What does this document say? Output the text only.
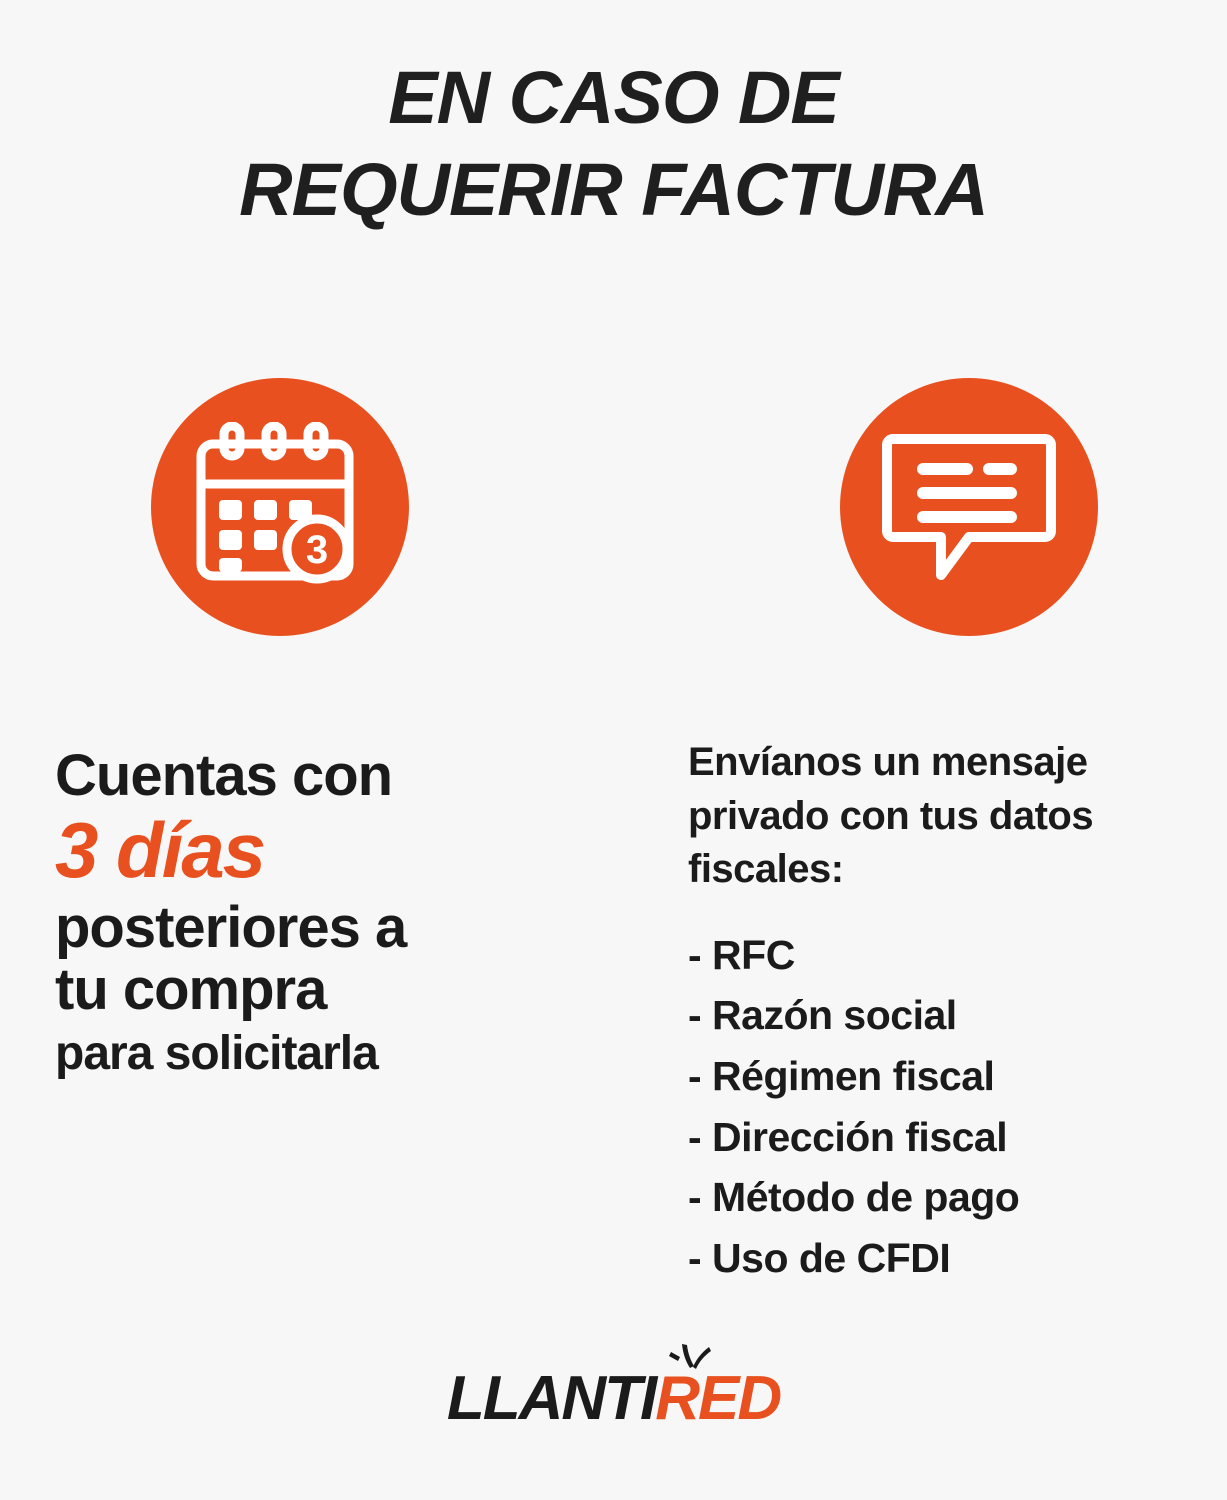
EN CASO DE
REQUERIR FACTURA
3
Cuentas con
3 días
posteriores a
tu compra
para solicitarla
Envíanos un mensaje privado con tus datos fiscales:
- RFC
- Razón social
- Régimen fiscal
- Dirección fiscal
- Método de pago
- Uso de CFDI
LLANTIRED
